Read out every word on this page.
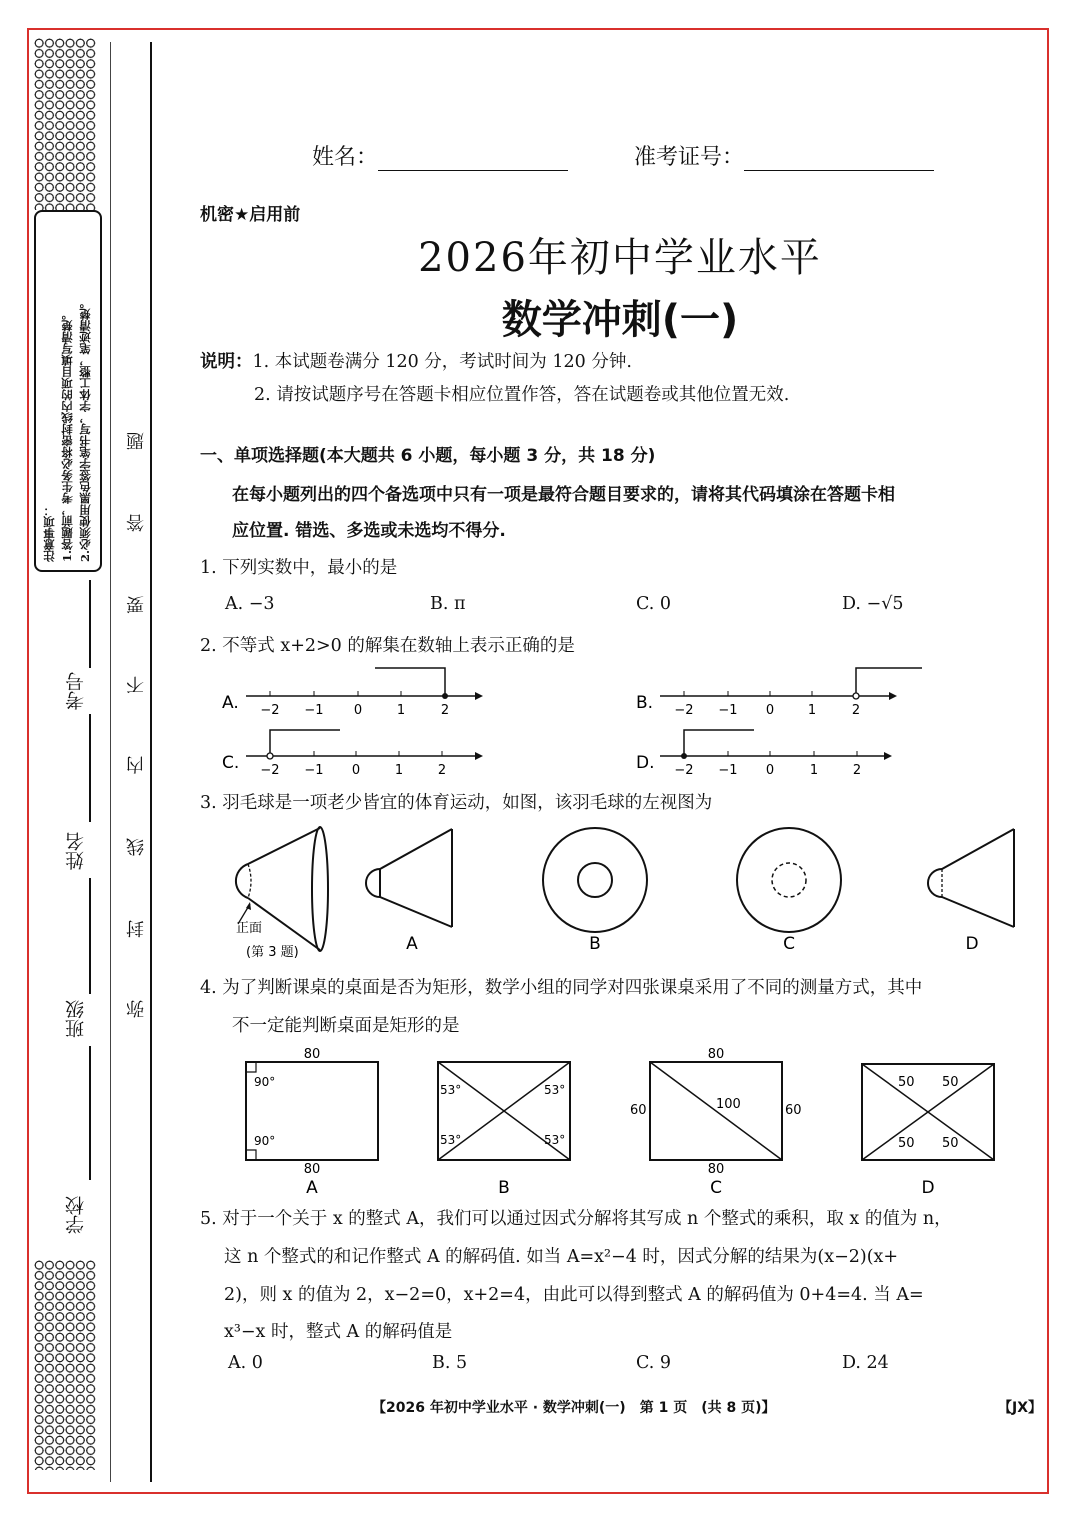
注意事项： 1.答题前，考生务必将密封线内的项目填写清楚。 2.必须使用黑色签字笔书写，字体工整，笔迹清楚。
考号
姓名
班级
学校
弥
封
线
内
不
要
答
题
姓名：	准考证号：
机密★启用前
2026年初中学业水平
数学冲刺(一)
说明：1. 本试题卷满分 120 分，考试时间为 120 分钟.
2. 请按试题序号在答题卡相应位置作答，答在试题卷或其他位置无效.
一、单项选择题(本大题共 6 小题，每小题 3 分，共 18 分)
在每小题列出的四个备选项中只有一项是最符合题目要求的，请将其代码填涂在答题卡相
应位置. 错选、多选或未选均不得分.
1. 下列实数中，最小的是
A. −3	B. π	C. 0	D. −√5
2. 不等式 x+2>0 的解集在数轴上表示正确的是
A. −2 −1 0	1	2	B. −2 −1 0	1	2
C. −2 −1 0	1	2	D. −2 −1 0	1	2
3. 羽毛球是一项老少皆宜的体育运动，如图，该羽毛球的左视图为
正面
(第 3 题)	A	B	C	D
4. 为了判断课桌的桌面是否为矩形，数学小组的同学对四张课桌采用了不同的测量方式，其中
不一定能判断桌面是矩形的是
80
80
90°
90°
A
53°	53°
53°	53°
B
80
80
60	60
100
C
50 50
50 50
D
5. 对于一个关于 x 的整式 A，我们可以通过因式分解将其写成 n 个整式的乘积，取 x 的值为 n，
这 n 个整式的和记作整式 A 的解码值. 如当 A=x²−4 时，因式分解的结果为(x−2)(x+
2)，则 x 的值为 2，x−2=0，x+2=4，由此可以得到整式 A 的解码值为 0+4=4. 当 A=
x³−x 时，整式 A 的解码值是
A. 0	B. 5	C. 9	D. 24
【2026 年初中学业水平 · 数学冲刺(一)　第 1 页　(共 8 页)】	【JX】
